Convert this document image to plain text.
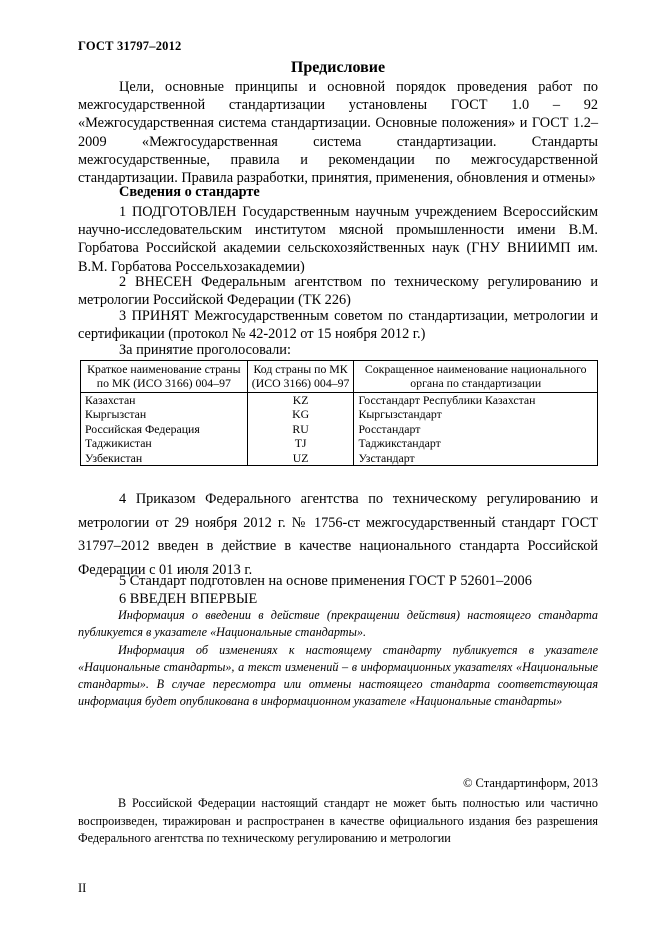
ГОСТ 31797–2012
Предисловие
Цели, основные принципы и основной порядок проведения работ по межгосударственной стандартизации установлены ГОСТ 1.0 – 92 «Межгосударственная система стандартизации. Основные положения» и ГОСТ 1.2–2009 «Межгосударственная система стандартизации. Стандарты межгосударственные, правила и рекомендации по межгосударственной стандартизации. Правила разработки, принятия, применения, обновления и отмены»
Сведения о стандарте
1 ПОДГОТОВЛЕН Государственным научным учреждением Всероссийским научно-исследовательским институтом мясной промышленности имени В.М. Горбатова Российской академии сельскохозяйственных наук (ГНУ ВНИИМП им. В.М. Горбатова Россельхозакадемии)
2 ВНЕСЕН Федеральным агентством по техническому регулированию и метрологии Российской Федерации (ТК 226)
3 ПРИНЯТ Межгосударственным советом по стандартизации, метрологии и сертификации (протокол № 42-2012 от 15 ноября 2012 г.)
За принятие проголосовали:
Краткое наименование страны по МК (ИСО 3166) 004–97	Код страны по МК (ИСО 3166) 004–97	Сокращенное наименование национального органа по стандартизации
Казахстан	KZ	Госстандарт Республики Казахстан
Кыргызстан	KG	Кыргызстандарт
Российская Федерация	RU	Росстандарт
Таджикистан	TJ	Таджикстандарт
Узбекистан	UZ	Узстандарт
4 Приказом Федерального агентства по техническому регулированию и метрологии от 29 ноября 2012 г. № 1756-ст межгосударственный стандарт ГОСТ 31797–2012 введен в действие в качестве национального стандарта Российской Федерации с 01 июля 2013 г.
5 Стандарт подготовлен на основе применения ГОСТ Р 52601–2006
6 ВВЕДЕН ВПЕРВЫЕ
Информация о введении в действие (прекращении действия) настоящего стандарта публикуется в указателе «Национальные стандарты».
Информация об изменениях к настоящему стандарту публикуется в указателе «Национальные стандарты», а текст изменений – в информационных указателях «Национальные стандарты». В случае пересмотра или отмены настоящего стандарта соответствующая информация будет опубликована в информационном указателе «Национальные стандарты»
© Стандартинформ, 2013
В Российской Федерации настоящий стандарт не может быть полностью или частично воспроизведен, тиражирован и распространен в качестве официального издания без разрешения Федерального агентства по техническому регулированию и метрологии
II
